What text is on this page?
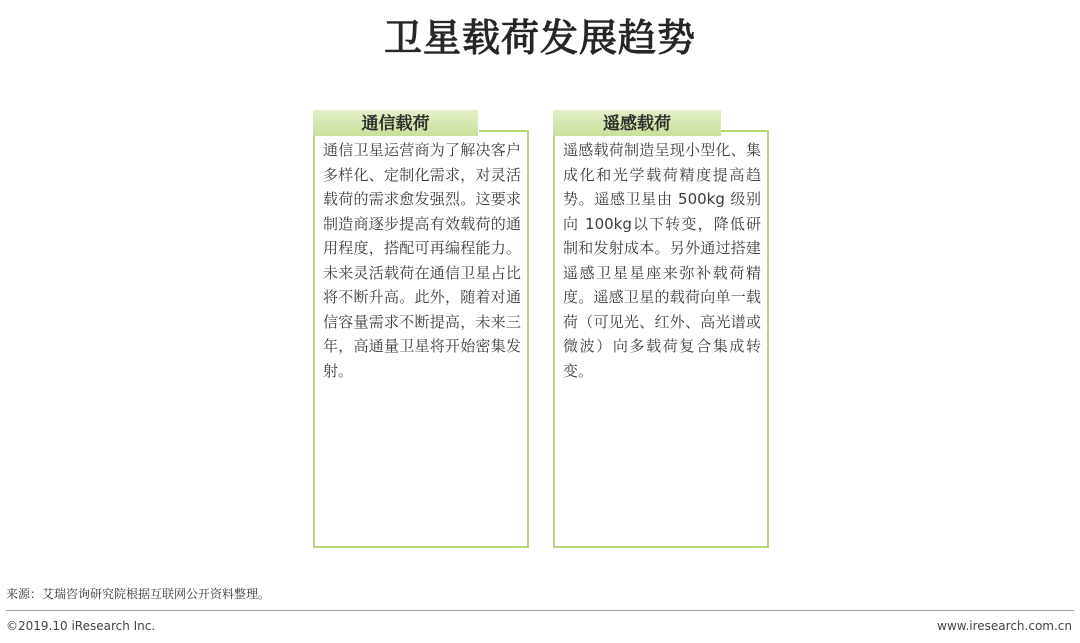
卫星载荷发展趋势
通信载荷
通信卫星运营商为了解决客户多样化、定制化需求，对灵活载荷的需求愈发强烈。这要求制造商逐步提高有效载荷的通用程度，搭配可再编程能力。未来灵活载荷在通信卫星占比将不断升高。此外，随着对通信容量需求不断提高，未来三年，高通量卫星将开始密集发射。
遥感载荷
遥感载荷制造呈现小型化、集成化和光学载荷精度提高趋势。遥感卫星由 500kg 级别向 100kg以下转变，降低研制和发射成本。另外通过搭建遥感卫星星座来弥补载荷精度。遥感卫星的载荷向单一载荷（可见光、红外、高光谱或微波）向多载荷复合集成转变。
来源：艾瑞咨询研究院根据互联网公开资料整理。
©2019.10 iResearch Inc.	www.iresearch.com.cn
